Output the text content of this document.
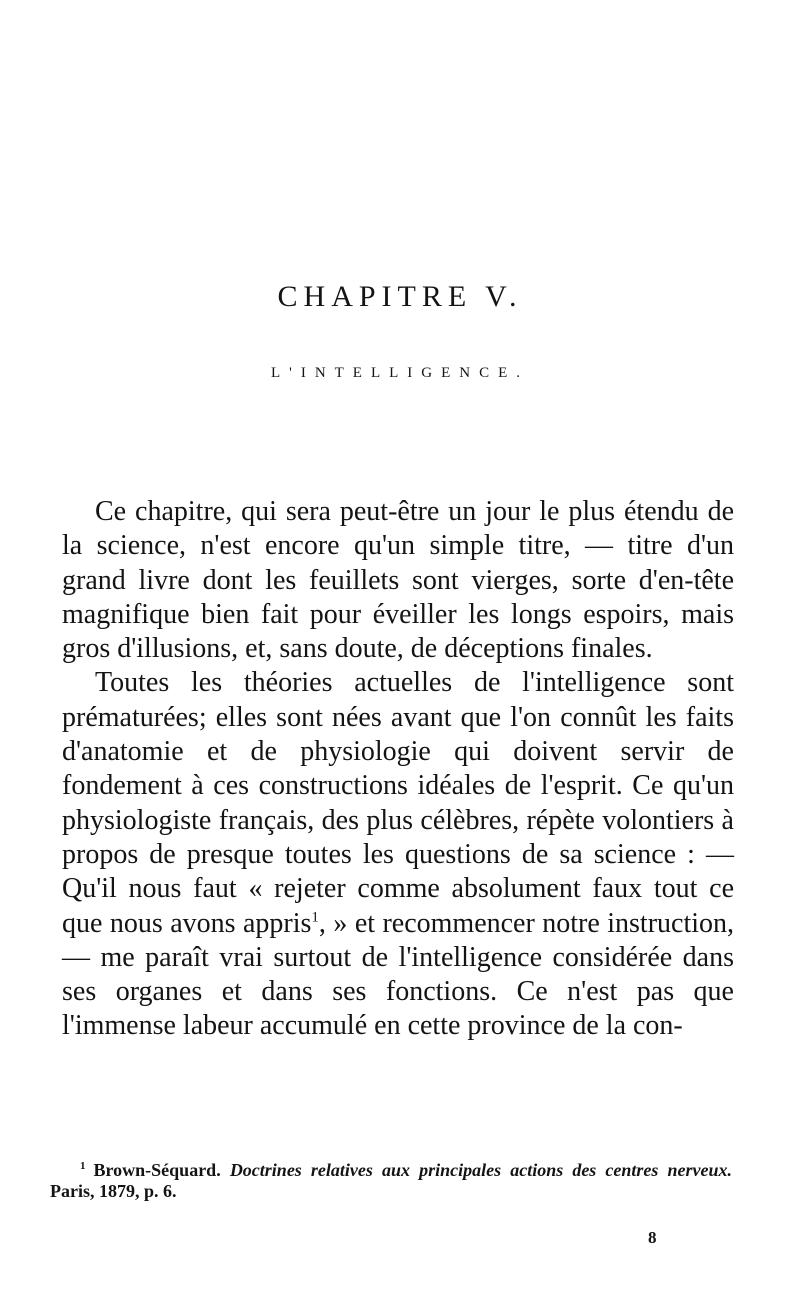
CHAPITRE V.
L'INTELLIGENCE.

Ce chapitre, qui sera peut-être un jour le plus étendu de la science, n'est encore qu'un simple titre, — titre d'un grand livre dont les feuillets sont vierges, sorte d'en-tête magnifique bien fait pour éveiller les longs espoirs, mais gros d'illusions, et, sans doute, de déceptions finales.

Toutes les théories actuelles de l'intelligence sont prématurées; elles sont nées avant que l'on connût les faits d'anatomie et de physiologie qui doivent servir de fondement à ces constructions idéales de l'esprit. Ce qu'un physiologiste français, des plus célèbres, répète volontiers à propos de presque toutes les questions de sa science : — Qu'il nous faut « rejeter comme absolument faux tout ce que nous avons appris$^1$, » et recommencer notre instruction, — me paraît vrai surtout de l'intelligence considérée dans ses organes et dans ses fonctions. Ce n'est pas que l'immense labeur accumulé en cette province de la con-

$^1$ Brown-Séquard. Doctrines relatives aux principales actions des centres nerveux. Paris, 1879, p. 6.
8
